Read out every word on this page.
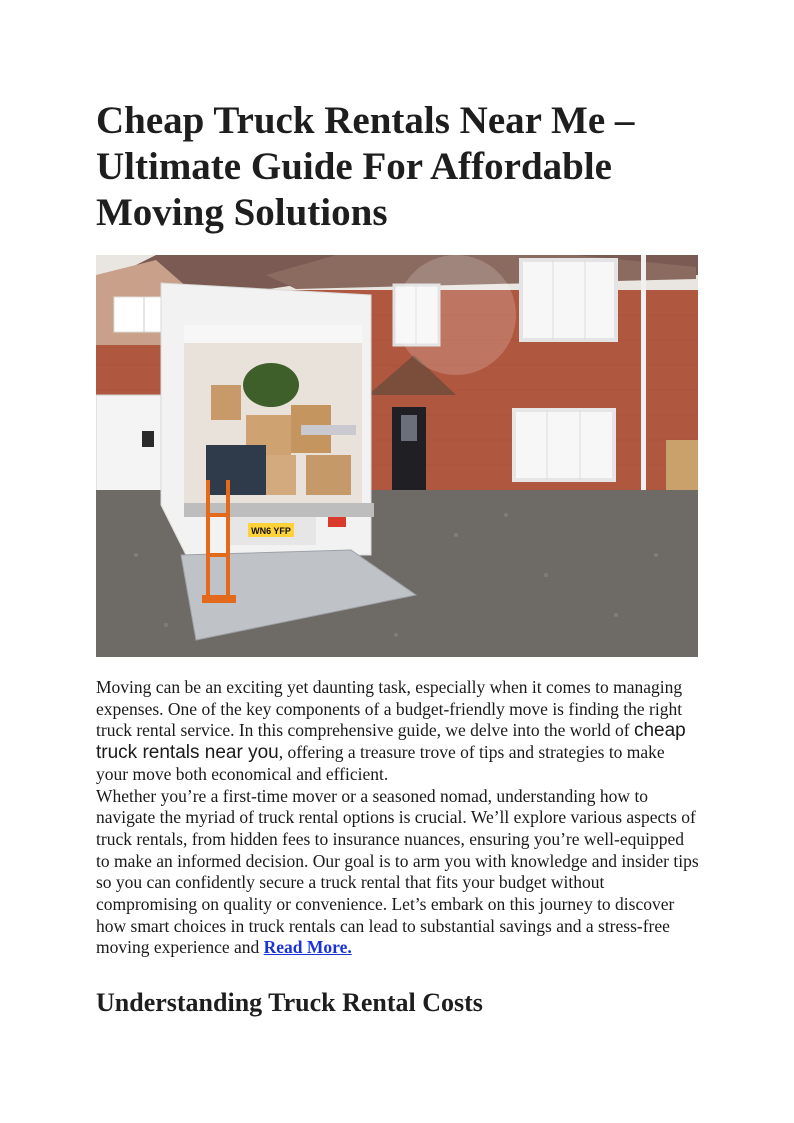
Cheap Truck Rentals Near Me –
Ultimate Guide For Affordable
Moving Solutions
WN6 YFP

Moving can be an exciting yet daunting task, especially when it comes to managing expenses. One of the key components of a budget-friendly move is finding the right truck rental service. In this comprehensive guide, we delve into the world of cheap truck rentals near you, offering a treasure trove of tips and strategies to make your move both economical and efficient.

Whether you’re a first-time mover or a seasoned nomad, understanding how to navigate the myriad of truck rental options is crucial. We’ll explore various aspects of truck rentals, from hidden fees to insurance nuances, ensuring you’re well-equipped to make an informed decision. Our goal is to arm you with knowledge and insider tips so you can confidently secure a truck rental that fits your budget without compromising on quality or convenience. Let’s embark on this journey to discover how smart choices in truck rentals can lead to substantial savings and a stress-free moving experience and Read More.

Understanding Truck Rental Costs
